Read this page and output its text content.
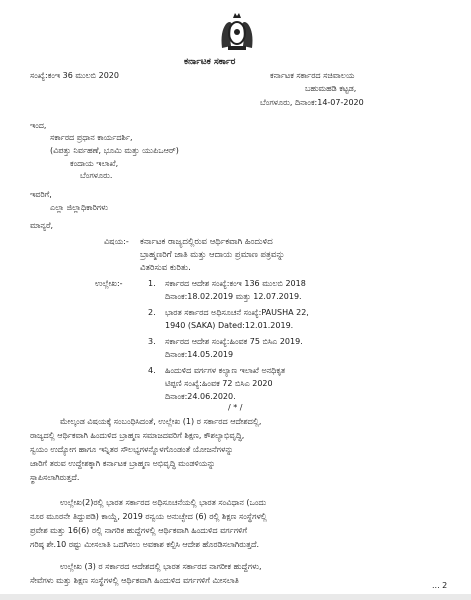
ಕರ್ನಾಟಕ ಸರ್ಕಾರ
ಸಂಖ್ಯೆ:ಕಂಇ 36 ಮುಲಬಿ 2020	ಕರ್ನಾಟಕ ಸರ್ಕಾರದ ಸಚಿವಾಲಯ
ಬಹುಮಹಡಿ ಕಟ್ಟಡ,
ಬೆಂಗಳೂರು, ದಿನಾಂಕ:14-07-2020
ಇಂದ,
ಸರ್ಕಾರದ ಪ್ರಧಾನ ಕಾರ್ಯದರ್ಶಿ,
(ವಿಪತ್ತು ನಿರ್ವಹಣೆ, ಭೂಮಿ ಮತ್ತು ಯುಪಿಒಆರ್)
ಕಂದಾಯ ಇಲಾಖೆ,
ಬೆಂಗಳೂರು.
ಇವರಿಗೆ,
ಎಲ್ಲಾ ಜಿಲ್ಲಾಧಿಕಾರಿಗಳು
ಮಾನ್ಯರೆ,
ವಿಷಯ:- ಕರ್ನಾಟಕ ರಾಜ್ಯದಲ್ಲಿರುವ ಆರ್ಥಿಕವಾಗಿ ಹಿಂದುಳಿದ
ಬ್ರಾಹ್ಮಣರಿಗೆ ಜಾತಿ ಮತ್ತು ಆದಾಯ ಪ್ರಮಾಣ ಪತ್ರವನ್ನು
ವಿತರಿಸುವ ಕುರಿತು.
ಉಲ್ಲೇಖ:-	1. ಸರ್ಕಾರದ ಆದೇಶ ಸಂಖ್ಯೆ:ಕಂಇ 136 ಮುಲಬಿ 2018
ದಿನಾಂಕ:18.02.2019 ಮತ್ತು 12.07.2019.
2. ಭಾರತ ಸರ್ಕಾರದ ಅಧಿಸೂಚನೆ ಸಂಖ್ಯೆ:PAUSHA 22,
1940 (SAKA) Dated:12.01.2019.
3. ಸರ್ಕಾರದ ಆದೇಶ ಸಂಖ್ಯೆ:ಹಿಂವಕ 75 ಬಿಸಿಎ 2019.
ದಿನಾಂಕ:14.05.2019
4. ಹಿಂದುಳಿದ ವರ್ಗಗಳ ಕಲ್ಯಾಣ ಇಲಾಖೆ ಅನಧಿಕೃತ
ಟಿಪ್ಪಣಿ ಸಂಖ್ಯೆ:ಹಿಂವಕ 72 ಬಿಸಿಎ 2020
ದಿನಾಂಕ:24.06.2020.
/ * /
ಮೇಲ್ಕಂಡ ವಿಷಯಕ್ಕೆ ಸಂಬಂಧಿಸಿದಂತೆ, ಉಲ್ಲೇಖ (1) ರ ಸರ್ಕಾರದ ಆದೇಶದಲ್ಲಿ,
ರಾಜ್ಯದಲ್ಲಿ ಆರ್ಥಿಕವಾಗಿ ಹಿಂದುಳಿದ ಬ್ರಾಹ್ಮಣ ಸಮಾಜದವರಿಗೆ ಶಿಕ್ಷಣ, ಕೌಶಲ್ಯಾಭಿವೃದ್ಧಿ,
ಸ್ವಯಂ ಉದ್ಯೋಗ ಹಾಗೂ ಇನ್ನಿತರ ಸೌಲಭ್ಯಗಳನ್ನೊಳಗೊಂಡಂತೆ ಯೋಜನೆಗಳನ್ನು
ಜಾರಿಗೆ ತರುವ ಉದ್ದೇಶಕ್ಕಾಗಿ ಕರ್ನಾಟಕ ಬ್ರಾಹ್ಮಣ ಅಭಿವೃದ್ಧಿ ಮಂಡಳಿಯನ್ನು
ಸ್ಥಾಪಿಸಲಾಗಿರುತ್ತದೆ.
ಉಲ್ಲೇಖ(2)ರಲ್ಲಿ ಭಾರತ ಸರ್ಕಾರದ ಅಧಿಸೂಚನೆಯಲ್ಲಿ ಭಾರತ ಸಂವಿಧಾನ (ಒಂದು
ನೂರ ಮೂರನೇ ತಿದ್ದುಪಡಿ) ಕಾಯ್ದೆ, 2019 ರನ್ವಯ ಅನುಚ್ಛೇದ (6) ರಲ್ಲಿ ಶಿಕ್ಷಣ ಸಂಸ್ಥೆಗಳಲ್ಲಿ
ಪ್ರವೇಶ ಮತ್ತು 16(6) ರಲ್ಲಿ ನಾಗರಿಕ ಹುದ್ದೆಗಳಲ್ಲಿ ಆರ್ಥಿಕವಾಗಿ ಹಿಂದುಳಿದ ವರ್ಗಗಳಿಗೆ
ಗರಿಷ್ಠ ಶೇ.10 ರಷ್ಟು ಮೀಸಲಾತಿ ಒದಗಿಸಲು ಅವಕಾಶ ಕಲ್ಪಿಸಿ ಆದೇಶ ಹೊರಡಿಸಲಾಗಿರುತ್ತದೆ.
ಉಲ್ಲೇಖ (3) ರ ಸರ್ಕಾರದ ಆದೇಶದಲ್ಲಿ ಭಾರತ ಸರ್ಕಾರದ ನಾಗರೀಕ ಹುದ್ದೆಗಳು,
ಸೇವೆಗಳು ಮತ್ತು ಶಿಕ್ಷಣ ಸಂಸ್ಥೆಗಳಲ್ಲಿ ಆರ್ಥಿಕವಾಗಿ ಹಿಂದುಳಿದ ವರ್ಗಗಳಿಗೆ ಮೀಸಲಾತಿ
... 2
